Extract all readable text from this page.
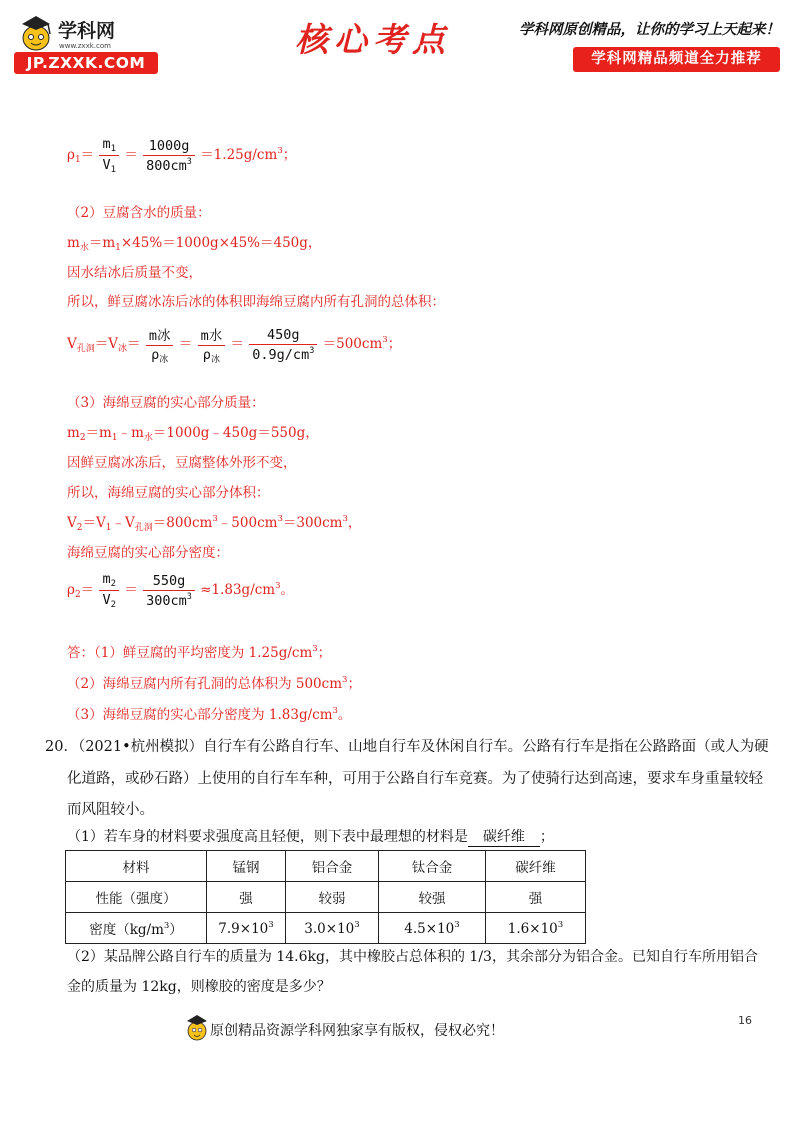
学科网
www.zxxk.com
JP.ZXXK.COM
核心考点	学科网原创精品，让你的学习上天起来！
学科网精品频道全力推荐
$\rho_1= \frac{m_1}{V_1} = \frac{1000g}{800cm^3} =1.25g/cm^3$；
（2）豆腐含水的质量：
$m_水=m_1\times 45\%=1000g\times 45\%=450g$，
因水结冰后质量不变，
所以，鲜豆腐冰冻后冰的体积即海绵豆腐内所有孔洞的总体积：
$V_{孔洞}=V_冰= \frac{\text{m冰}}{\rho_冰} = \frac{\text{m水}}{\rho_冰} = \frac{450g}{0.9g/cm^3} =500cm^3$；
（3）海绵豆腐的实心部分质量：
$m_2=m_1﹣m_水=1000g﹣450g=550g$，
因鲜豆腐冰冻后，豆腐整体外形不变，
所以，海绵豆腐的实心部分体积：
$V_2=V_1﹣V_{孔洞}=800cm^3﹣500cm^3=300cm^3$，
海绵豆腐的实心部分密度：
$\rho_2= \frac{m_2}{V_2} = \frac{550g}{300cm^3} \approx 1.83g/cm^3$。
答：（1）鲜豆腐的平均密度为 $1.25g/cm^3$；
（2）海绵豆腐内所有孔洞的总体积为 $500cm^3$；
（3）海绵豆腐的实心部分密度为 $1.83g/cm^3$。
20．（2021•杭州模拟）自行车有公路自行车、山地自行车及休闲自行车。公路有行车是指在公路路面（或人为硬
化道路，或砂石路）上使用的自行车车种，可用于公路自行车竞赛。为了使骑行达到高速，要求车身重量较轻
而风阻较小。
（1）若车身的材料要求强度高且轻便，则下表中最理想的材料是 碳纤维 ；
材料	锰钢	铝合金	钛合金	碳纤维
性能（强度）	强	较弱	较强	强
密度$(kg/m^3)$	$7.9\times 10^3$	$3.0\times 10^3$	$4.5\times 10^3$	$1.6\times 10^3$
（2）某品牌公路自行车的质量为 14.6kg，其中橡胶占总体积的 1/3，其余部分为铝合金。已知自行车所用铝合
金的质量为 12kg，则橡胶的密度是多少？
16
原创精品资源学科网独家享有版权，侵权必究！
